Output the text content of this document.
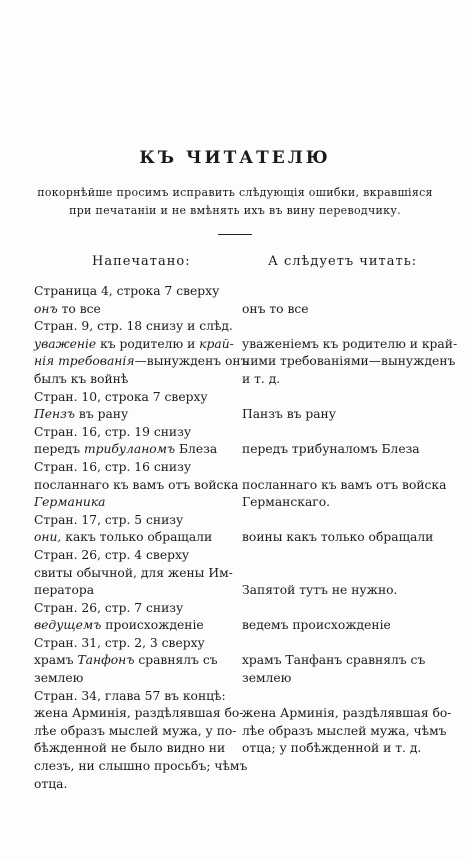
КЪ ЧИТАТЕЛЮ
покорнѣйше просимъ исправить слѣдующія ошибки, вкравшіяся
при печатаніи и не вмѣнять ихъ въ вину переводчику.
Напечатано:	А слѣдуетъ читать:
Страница 4, строка 7 сверху
онъ то все
Стран. 9, стр. 18 снизу и слѣд.
уваженіе къ родителю и край-
нія требованія—вынужденъ онъ
былъ къ войнѣ
Стран. 10, строка 7 сверху
Пензъ въ рану
Стран. 16, стр. 19 снизу
передъ трибуланомъ Блеза
Стран. 16, стр. 16 снизу
посланнаго къ вамъ отъ войска
Германика
Стран. 17, стр. 5 снизу
они, какъ только обращали
Стран. 26, стр. 4 сверху
свиты обычной, для жены Им-
ператора
Стран. 26, стр. 7 снизу
ведущемъ происхожденіе
Стран. 31, стр. 2, 3 сверху
храмъ Танфонъ сравнялъ съ
землею
Стран. 34, глава 57 въ концѣ:
жена Арминія, раздѣлявшая бо-
лѣе образъ мыслей мужа, у по-
бѣжденной не было видно ни
слезъ, ни слышно просьбъ; чѣмъ
отца.
онъ то все
уваженіемъ къ родителю и край-
ними требованіями—вынужденъ
и т. д.
Панзъ въ рану
передъ трибуналомъ Блеза
посланнаго къ вамъ отъ войска
Германскаго.
воины какъ только обращали
Запятой тутъ не нужно.
ведемъ происхожденіе
храмъ Танфанъ сравнялъ съ
землею
жена Арминія, раздѣлявшая бо-
лѣе образъ мыслей мужа, чѣмъ
отца; у побѣжденной и т. д.
